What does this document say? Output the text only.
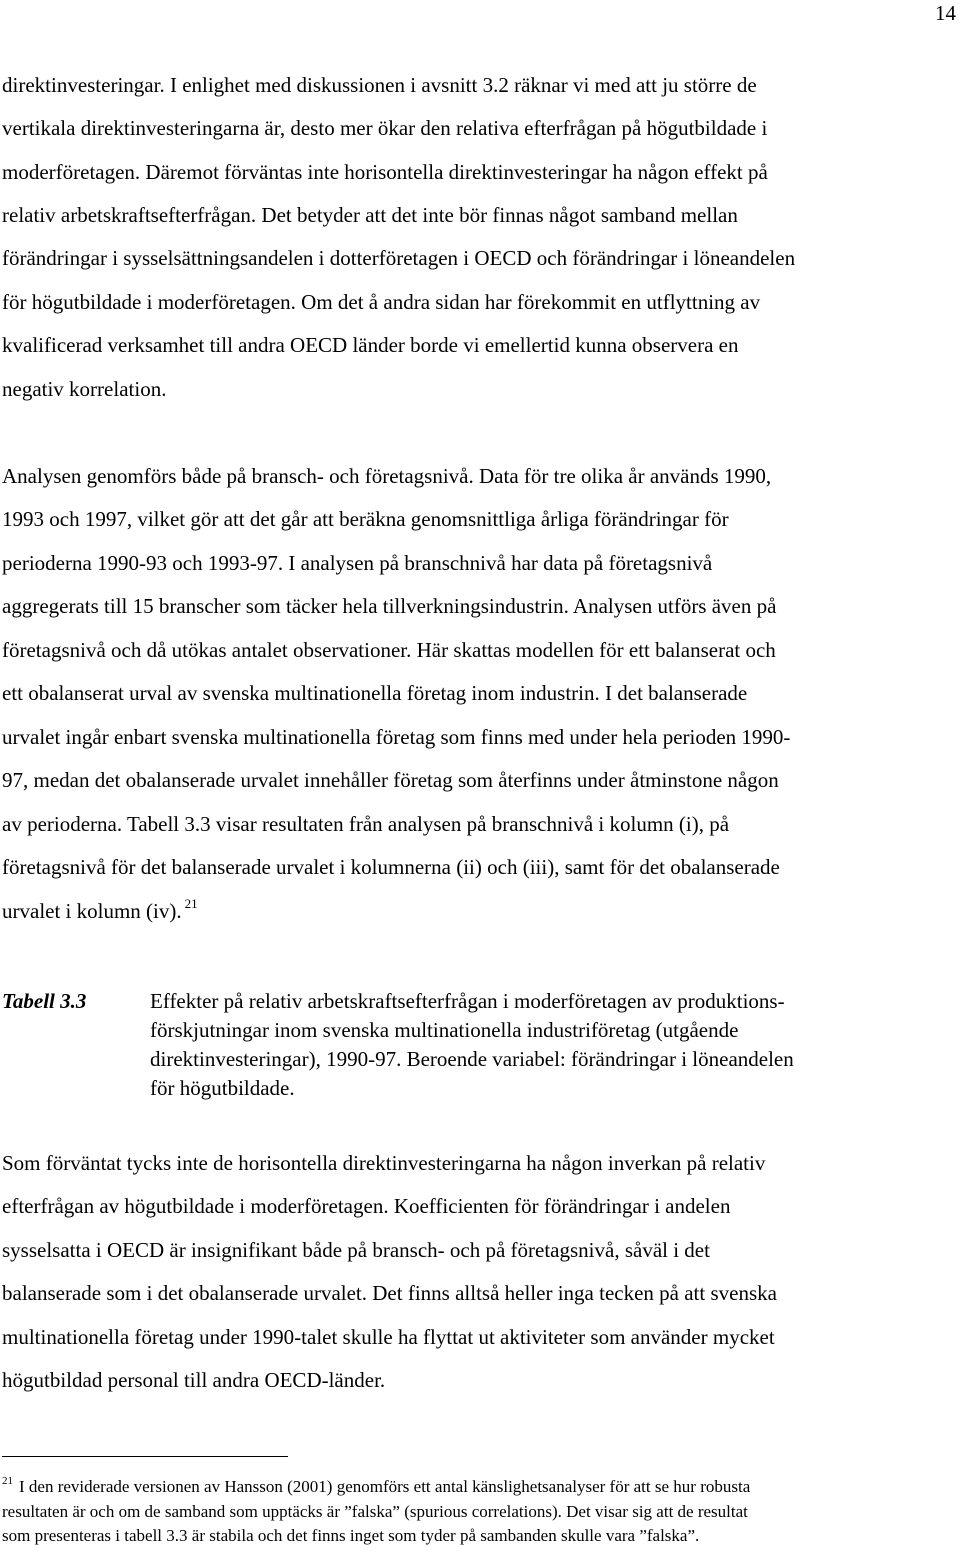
14
direktinvesteringar. I enlighet med diskussionen i avsnitt 3.2 räknar vi med att ju större de
vertikala direktinvesteringarna är, desto mer ökar den relativa efterfrågan på högutbildade i
moderföretagen. Däremot förväntas inte horisontella direktinvesteringar ha någon effekt på
relativ arbetskraftsefterfrågan. Det betyder att det inte bör finnas något samband mellan
förändringar i sysselsättningsandelen i dotterföretagen i OECD och förändringar i löneandelen
för högutbildade i moderföretagen. Om det å andra sidan har förekommit en utflyttning av
kvalificerad verksamhet till andra OECD länder borde vi emellertid kunna observera en
negativ korrelation.
Analysen genomförs både på bransch- och företagsnivå. Data för tre olika år används 1990,
1993 och 1997, vilket gör att det går att beräkna genomsnittliga årliga förändringar för
perioderna 1990-93 och 1993-97. I analysen på branschnivå har data på företagsnivå
aggregerats till 15 branscher som täcker hela tillverkningsindustrin. Analysen utförs även på
företagsnivå och då utökas antalet observationer. Här skattas modellen för ett balanserat och
ett obalanserat urval av svenska multinationella företag inom industrin. I det balanserade
urvalet ingår enbart svenska multinationella företag som finns med under hela perioden 1990-
97, medan det obalanserade urvalet innehåller företag som återfinns under åtminstone någon
av perioderna. Tabell 3.3 visar resultaten från analysen på branschnivå i kolumn (i), på
företagsnivå för det balanserade urvalet i kolumnerna (ii) och (iii), samt för det obalanserade
urvalet i kolumn (iv). $^{21}$
Tabell 3.3	Effekter på relativ arbetskraftsefterfrågan i moderföretagen av produktions-
förskjutningar inom svenska multinationella industriföretag (utgående
direktinvesteringar), 1990-97. Beroende variabel: förändringar i löneandelen
för högutbildade.
Som förväntat tycks inte de horisontella direktinvesteringarna ha någon inverkan på relativ
efterfrågan av högutbildade i moderföretagen. Koefficienten för förändringar i andelen
sysselsatta i OECD är insignifikant både på bransch- och på företagsnivå, såväl i det
balanserade som i det obalanserade urvalet. Det finns alltså heller inga tecken på att svenska
multinationella företag under 1990-talet skulle ha flyttat ut aktiviteter som använder mycket
högutbildad personal till andra OECD-länder.
$^{21}$ I den reviderade versionen av Hansson (2001) genomförs ett antal känslighetsanalyser för att se hur robusta
resultaten är och om de samband som upptäcks är ”falska” (spurious correlations). Det visar sig att de resultat
som presenteras i tabell 3.3 är stabila och det finns inget som tyder på sambanden skulle vara ”falska”.
